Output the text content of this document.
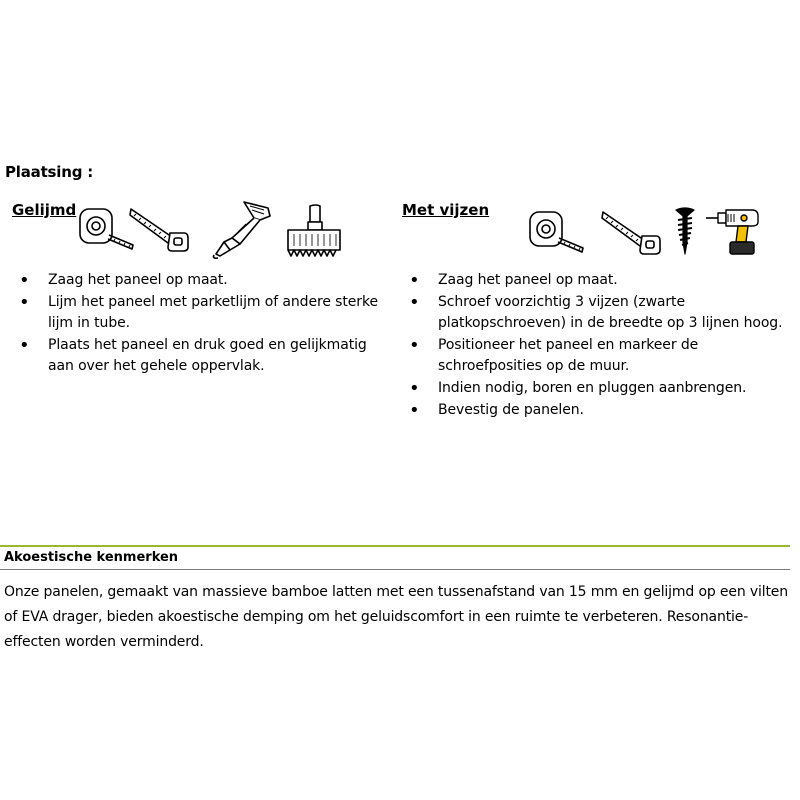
Plaatsing :
Gelijmd
• Zaag het paneel op maat.
• Lijm het paneel met parketlijm of andere sterke lijm in tube.
• Plaats het paneel en druk goed en gelijkmatig aan over het gehele oppervlak.
Met vijzen
• Zaag het paneel op maat.
• Schroef voorzichtig 3 vijzen (zwarte platkopschroeven) in de breedte op 3 lijnen hoog.
• Positioneer het paneel en markeer de schroefposities op de muur.
• Indien nodig, boren en pluggen aanbrengen.
• Bevestig de panelen.
Akoestische kenmerken

Onze panelen, gemaakt van massieve bamboe latten met een tussenafstand van 15 mm en gelijmd op een vilten of EVA drager, bieden akoestische demping om het geluidscomfort in een ruimte te verbeteren. Resonantie-effecten worden verminderd.
